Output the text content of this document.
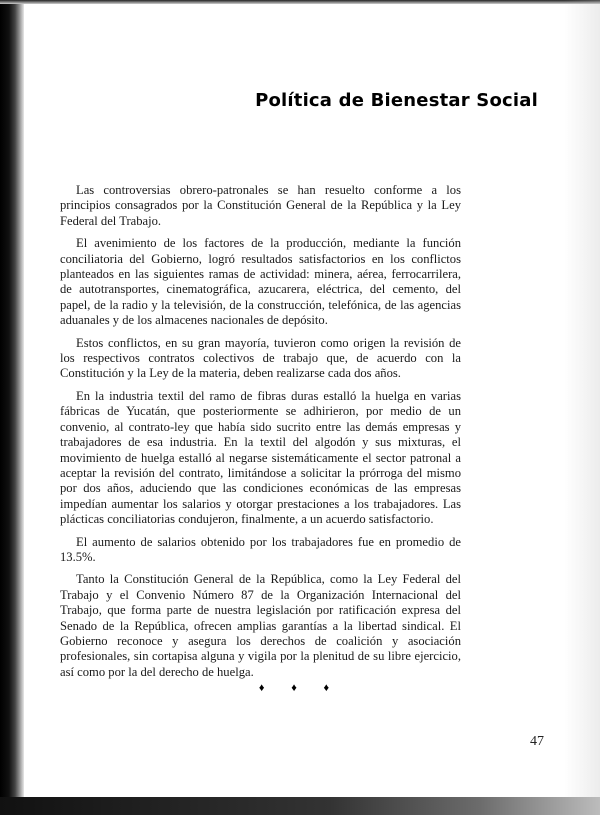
Política de Bienestar Social

Las controversias obrero-patronales se han resuelto conforme a los principios consagrados por la Constitución General de la República y la Ley Federal del Trabajo.

El avenimiento de los factores de la producción, mediante la función conciliatoria del Gobierno, logró resultados satisfactorios en los conflictos planteados en las siguientes ramas de actividad: minera, aérea, ferrocarrilera, de autotransportes, cinematográfica, azucarera, eléctrica, del cemento, del papel, de la radio y la televisión, de la construcción, telefónica, de las agencias aduanales y de los almacenes nacionales de depósito.

Estos conflictos, en su gran mayoría, tuvieron como origen la revisión de los respectivos contratos colectivos de trabajo que, de acuerdo con la Constitución y la Ley de la materia, deben realizarse cada dos años.

En la industria textil del ramo de fibras duras estalló la huelga en varias fábricas de Yucatán, que posteriormente se adhirieron, por medio de un convenio, al contrato-ley que había sido sucrito entre las demás empresas y trabajadores de esa industria. En la textil del algodón y sus mixturas, el movimiento de huelga estalló al negarse sistemáticamente el sector patronal a aceptar la revisión del contrato, limitándose a solicitar la prórroga del mismo por dos años, aduciendo que las condiciones económicas de las empresas impedían aumentar los salarios y otorgar prestaciones a los trabajadores. Las plácticas conciliatorias condujeron, finalmente, a un acuerdo satisfactorio.

El aumento de salarios obtenido por los trabajadores fue en promedio de 13.5%.

Tanto la Constitución General de la República, como la Ley Federal del Trabajo y el Convenio Número 87 de la Organización Internacional del Trabajo, que forma parte de nuestra legislación por ratificación expresa del Senado de la República, ofrecen amplias garantías a la libertad sindical. El Gobierno reconoce y asegura los derechos de coalición y asociación profesionales, sin cortapisa alguna y vigila por la plenitud de su libre ejercicio, así como por la del derecho de huelga.

♦ ♦ ♦
47
